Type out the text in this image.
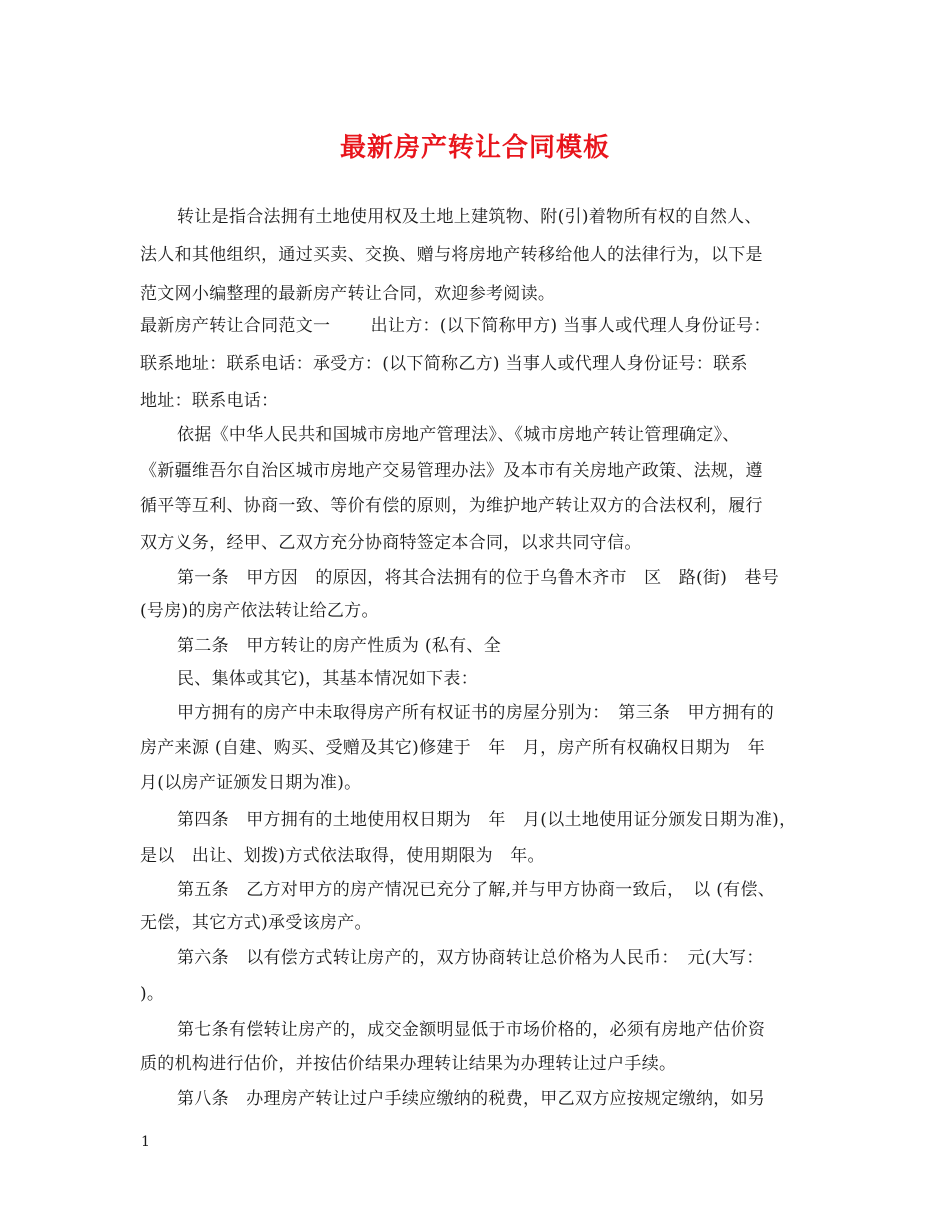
最新房产转让合同模板
转让是指合法拥有土地使用权及土地上建筑物、附(引)着物所有权的自然人、
法人和其他组织，通过买卖、交换、赠与将房地产转移给他人的法律行为，以下是
范文网小编整理的最新房产转让合同，欢迎参考阅读。
最新房产转让合同范文一　　 出让方：(以下简称甲方) 当事人或代理人身份证号：
联系地址：联系电话：承受方：(以下简称乙方) 当事人或代理人身份证号：联系
地址：联系电话：
依据《中华人民共和国城市房地产管理法》、《城市房地产转让管理确定》、
《新疆维吾尔自治区城市房地产交易管理办法》及本市有关房地产政策、法规，遵
循平等互利、协商一致、等价有偿的原则，为维护地产转让双方的合法权利，履行
双方义务，经甲、乙双方充分协商特签定本合同，以求共同守信。
第一条　甲方因　的原因，将其合法拥有的位于乌鲁木齐市　区　路(街)　巷号
(号房)的房产依法转让给乙方。
第二条　甲方转让的房产性质为 (私有、全
民、集体或其它)，其基本情况如下表：
甲方拥有的房产中未取得房产所有权证书的房屋分别为：　第三条　甲方拥有的
房产来源 (自建、购买、受赠及其它)修建于　年　月，房产所有权确权日期为　年
月(以房产证颁发日期为准)。
第四条　甲方拥有的土地使用权日期为　年　月(以土地使用证分颁发日期为准)，
是以　出让、划拨)方式依法取得，使用期限为　年。
第五条　乙方对甲方的房产情况已充分了解,并与甲方协商一致后，　以 (有偿、
无偿，其它方式)承受该房产。
第六条　以有偿方式转让房产的，双方协商转让总价格为人民币：　元(大写：
)。
第七条有偿转让房产的，成交金额明显低于市场价格的，必须有房地产估价资
质的机构进行估价，并按估价结果办理转让结果为办理转让过户手续。
第八条　办理房产转让过户手续应缴纳的税费，甲乙双方应按规定缴纳，如另
1
